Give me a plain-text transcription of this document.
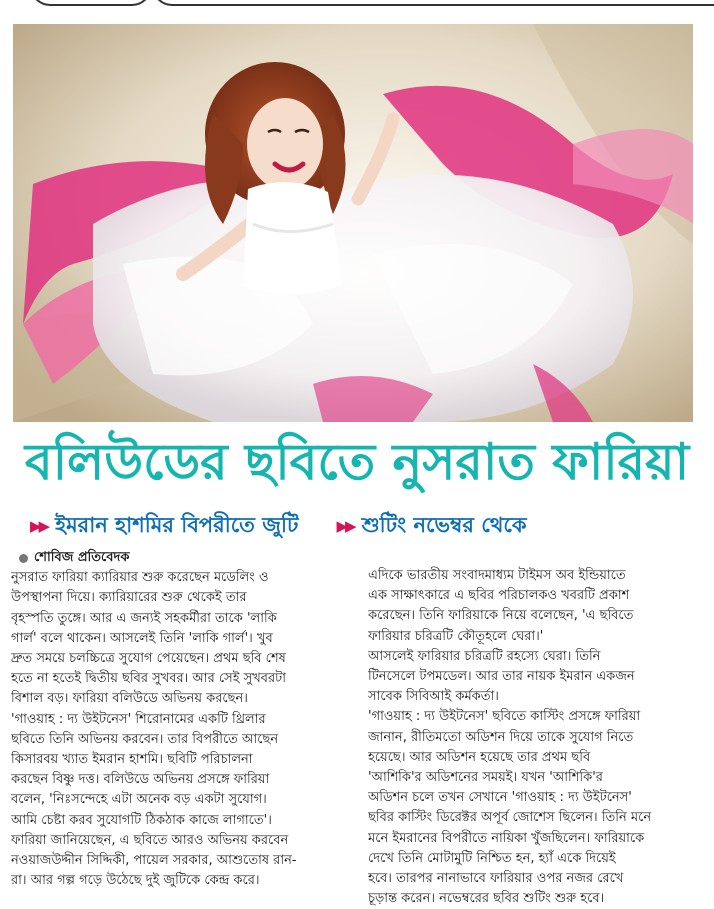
বলিউডের ছবিতে নুসরাত ফারিয়া
▶▶ ইমরান হাশমির বিপরীতে জুটি	▶▶ শুটিং নভেম্বর থেকে
শোবিজ প্রতিবেদক
নুসরাত ফারিয়া ক্যারিয়ার শুরু করেছেন মডেলিং ও
উপস্থাপনা দিয়ে। ক্যারিয়ারের শুরু থেকেই তার
বৃহস্পতি তুঙ্গে। আর এ জন্যই সহকর্মীরা তাকে 'লাকি
গার্ল' বলে থাকেন। আসলেই তিনি 'লাকি গার্ল'। খুব
দ্রুত সময়ে চলচ্চিত্রে সুযোগ পেয়েছেন। প্রথম ছবি শেষ
হতে না হতেই দ্বিতীয় ছবির সুখবর। আর সেই সুখবরটা
বিশাল বড়। ফারিয়া বলিউডে অভিনয় করছেন।
'গাওয়াহ : দ্য উইটনেস' শিরোনামের একটি থ্রিলার
ছবিতে তিনি অভিনয় করবেন। তার বিপরীতে আছেন
কিসারবয় খ্যাত ইমরান হাশমি। ছবিটি পরিচালনা
করছেন বিষ্ণু দত্ত। বলিউডে অভিনয় প্রসঙ্গে ফারিয়া
বলেন, 'নিঃসন্দেহে এটা অনেক বড় একটা সুযোগ।
আমি চেষ্টা করব সুযোগটি ঠিকঠাক কাজে লাগাতে'।
ফারিয়া জানিয়েছেন, এ ছবিতে আরও অভিনয় করবেন
নওয়াজউদ্দীন সিদ্দিকী, পায়েল সরকার, আশুতোষ রান-
রা। আর গল্প গড়ে উঠেছে দুই জুটিকে কেন্দ্র করে।
এদিকে ভারতীয় সংবাদমাধ্যম টাইমস অব ইন্ডিয়াতে
এক সাক্ষাৎকারে এ ছবির পরিচালকও খবরটি প্রকাশ
করেছেন। তিনি ফারিয়াকে নিয়ে বলেছেন, 'এ ছবিতে
ফারিয়ার চরিত্রটি কৌতূহলে ঘেরা।'
আসলেই ফারিয়ার চরিত্রটি রহস্যে ঘেরা। তিনি
টিনসেলে টপমডেল। আর তার নায়ক ইমরান একজন
সাবেক সিবিআই কর্মকর্তা।
'গাওয়াহ : দ্য উইটনেস' ছবিতে কাস্টিং প্রসঙ্গে ফারিয়া
জানান, রীতিমতো অডিশন দিয়ে তাকে সুযোগ নিতে
হয়েছে। আর অডিশন হয়েছে তার প্রথম ছবি
'আশিকি'র অডিশনের সময়ই। যখন 'আশিকি'র
অডিশন চলে তখন সেখানে 'গাওয়াহ : দ্য উইটনেস'
ছবির কাস্টিং ডিরেক্টর অপূর্ব জোশেস ছিলেন। তিনি মনে
মনে ইমরানের বিপরীতে নায়িকা খুঁজছিলেন। ফারিয়াকে
দেখে তিনি মোটামুটি নিশ্চিত হন, হ্যাঁ একে দিয়েই
হবে। তারপর নানাভাবে ফারিয়ার ওপর নজর রেখে
চূড়ান্ত করেন। নভেম্বরের ছবির শুটিং শুরু হবে।
